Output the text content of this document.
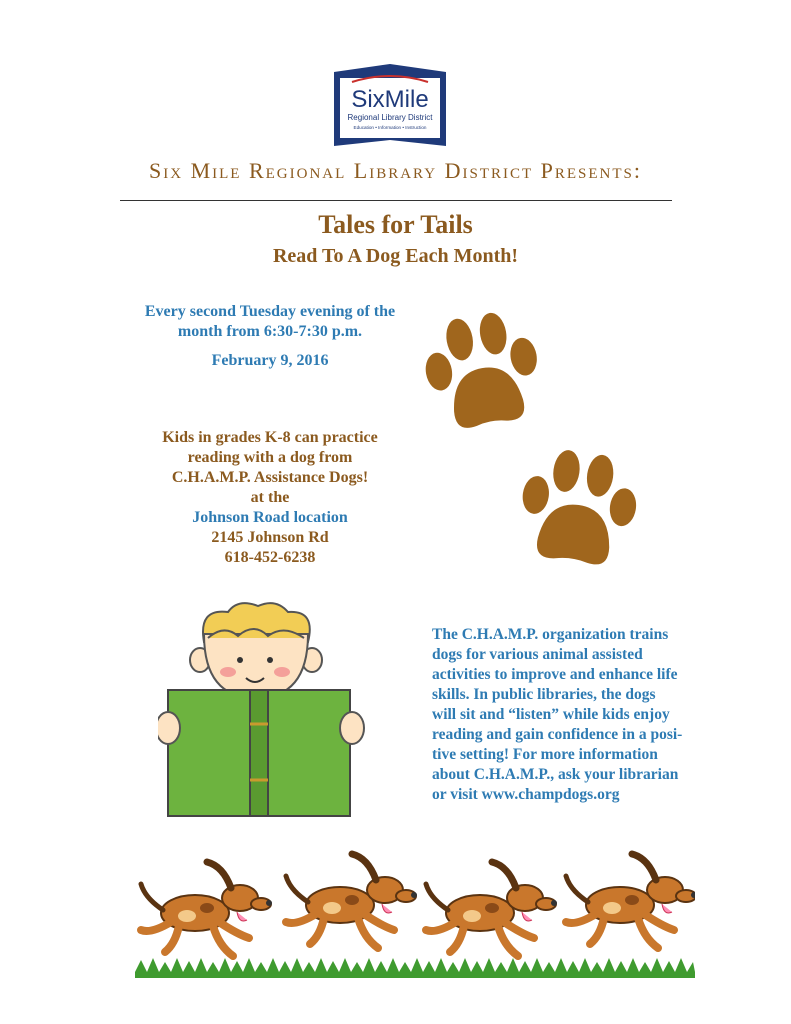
SixMile
Regional Library District
Education • Information • Instruction
Six Mile Regional Library District Presents:
Tales for Tails
Read To A Dog Each Month!
Every second Tuesday evening of the
month from 6:30-7:30 p.m.
February 9, 2016
Kids in grades K-8 can practice
reading with a dog from
C.H.A.M.P. Assistance Dogs!
at the
Johnson Road location
2145 Johnson Rd
618-452-6238
The C.H.A.M.P. organization trains
dogs for various animal assisted
activities to improve and enhance life
skills. In public libraries, the dogs
will sit and “listen” while kids enjoy
reading and gain confidence in a posi-
tive setting! For more information
about C.H.A.M.P., ask your librarian
or visit www.champdogs.org
